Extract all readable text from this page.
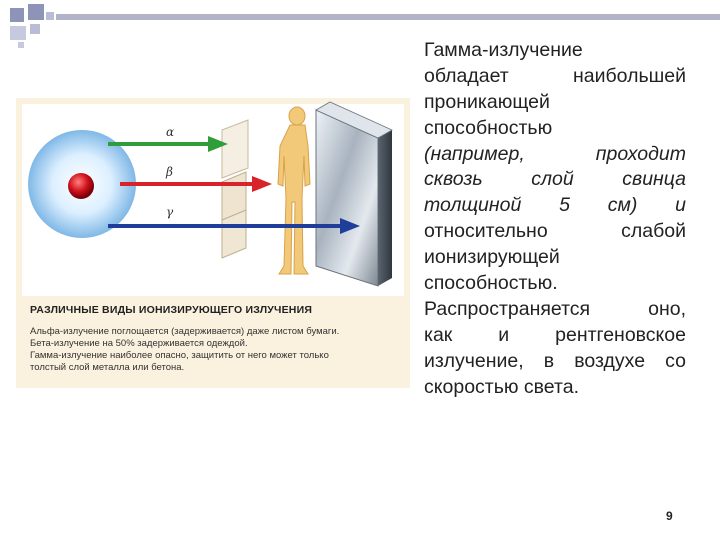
α
β
γ
РАЗЛИЧНЫЕ ВИДЫ ИОНИЗИРУЮЩЕГО ИЗЛУЧЕНИЯ
Альфа-излучение поглощается (задерживается) даже листом бумаги.
Бета-излучение на 50% задерживается одеждой.
Гамма-излучение наиболее опасно, защитить от него может только
толстый слой металла или бетона.
Гамма-излучение
обладает наибольшей
проникающей
способностью
(например, проходит
сквозь слой свинца
толщиной 5 см) и
относительно слабой
ионизирующей
способностью.
Распространяется оно,
как и рентгеновское
излучение, в воздухе со
скоростью света.
9
